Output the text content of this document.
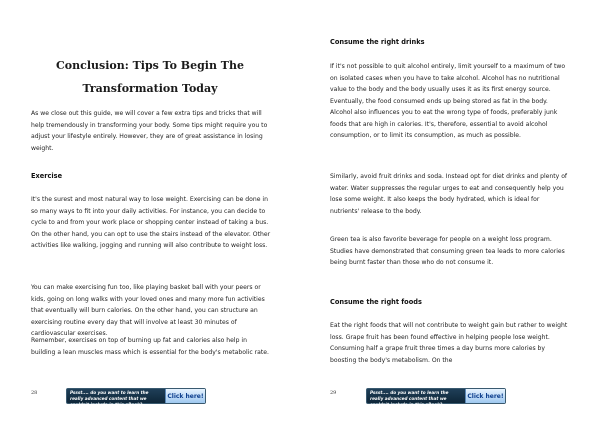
Conclusion: Tips To Begin The
Transformation Today
As we close out this guide, we will cover a few extra tips and tricks that will help tremendously in transforming your body. Some tips might require you to adjust your lifestyle entirely. However, they are of great assistance in losing weight.
Exercise
It's the surest and most natural way to lose weight. Exercising can be done in so many ways to fit into your daily activities. For instance, you can decide to cycle to and from your work place or shopping center instead of taking a bus. On the other hand, you can opt to use the stairs instead of the elevator. Other activities like walking, jogging and running will also contribute to weight loss.
You can make exercising fun too, like playing basket ball with your peers or kids, going on long walks with your loved ones and many more fun activities that eventually will burn calories. On the other hand, you can structure an exercising routine every day that will involve at least 30 minutes of cardiovascular exercises.
Remember, exercises on top of burning up fat and calories also help in building a lean muscles mass which is essential for the body's metabolic rate.
28	Pssst.... do you want to learn the really advanced content that we couldn't include in this eBook?
Click here!
Consume the right drinks
If it's not possible to quit alcohol entirely, limit yourself to a maximum of two on isolated cases when you have to take alcohol. Alcohol has no nutritional value to the body and the body usually uses it as its first energy source. Eventually, the food consumed ends up being stored as fat in the body. Alcohol also influences you to eat the wrong type of foods, preferably junk foods that are high in calories. It's, therefore, essential to avoid alcohol consumption, or to limit its consumption, as much as possible.
Similarly, avoid fruit drinks and soda. Instead opt for diet drinks and plenty of water. Water suppresses the regular urges to eat and consequently help you lose some weight. It also keeps the body hydrated, which is ideal for nutrients' release to the body.
Green tea is also favorite beverage for people on a weight loss program. Studies have demonstrated that consuming green tea leads to more calories being burnt faster than those who do not consume it.
Consume the right foods
Eat the right foods that will not contribute to weight gain but rather to weight loss. Grape fruit has been found effective in helping people lose weight. Consuming half a grape fruit three times a day burns more calories by boosting the body's metabolism. On the
29	Pssst.... do you want to learn the really advanced content that we couldn't include in this eBook?
Click here!
